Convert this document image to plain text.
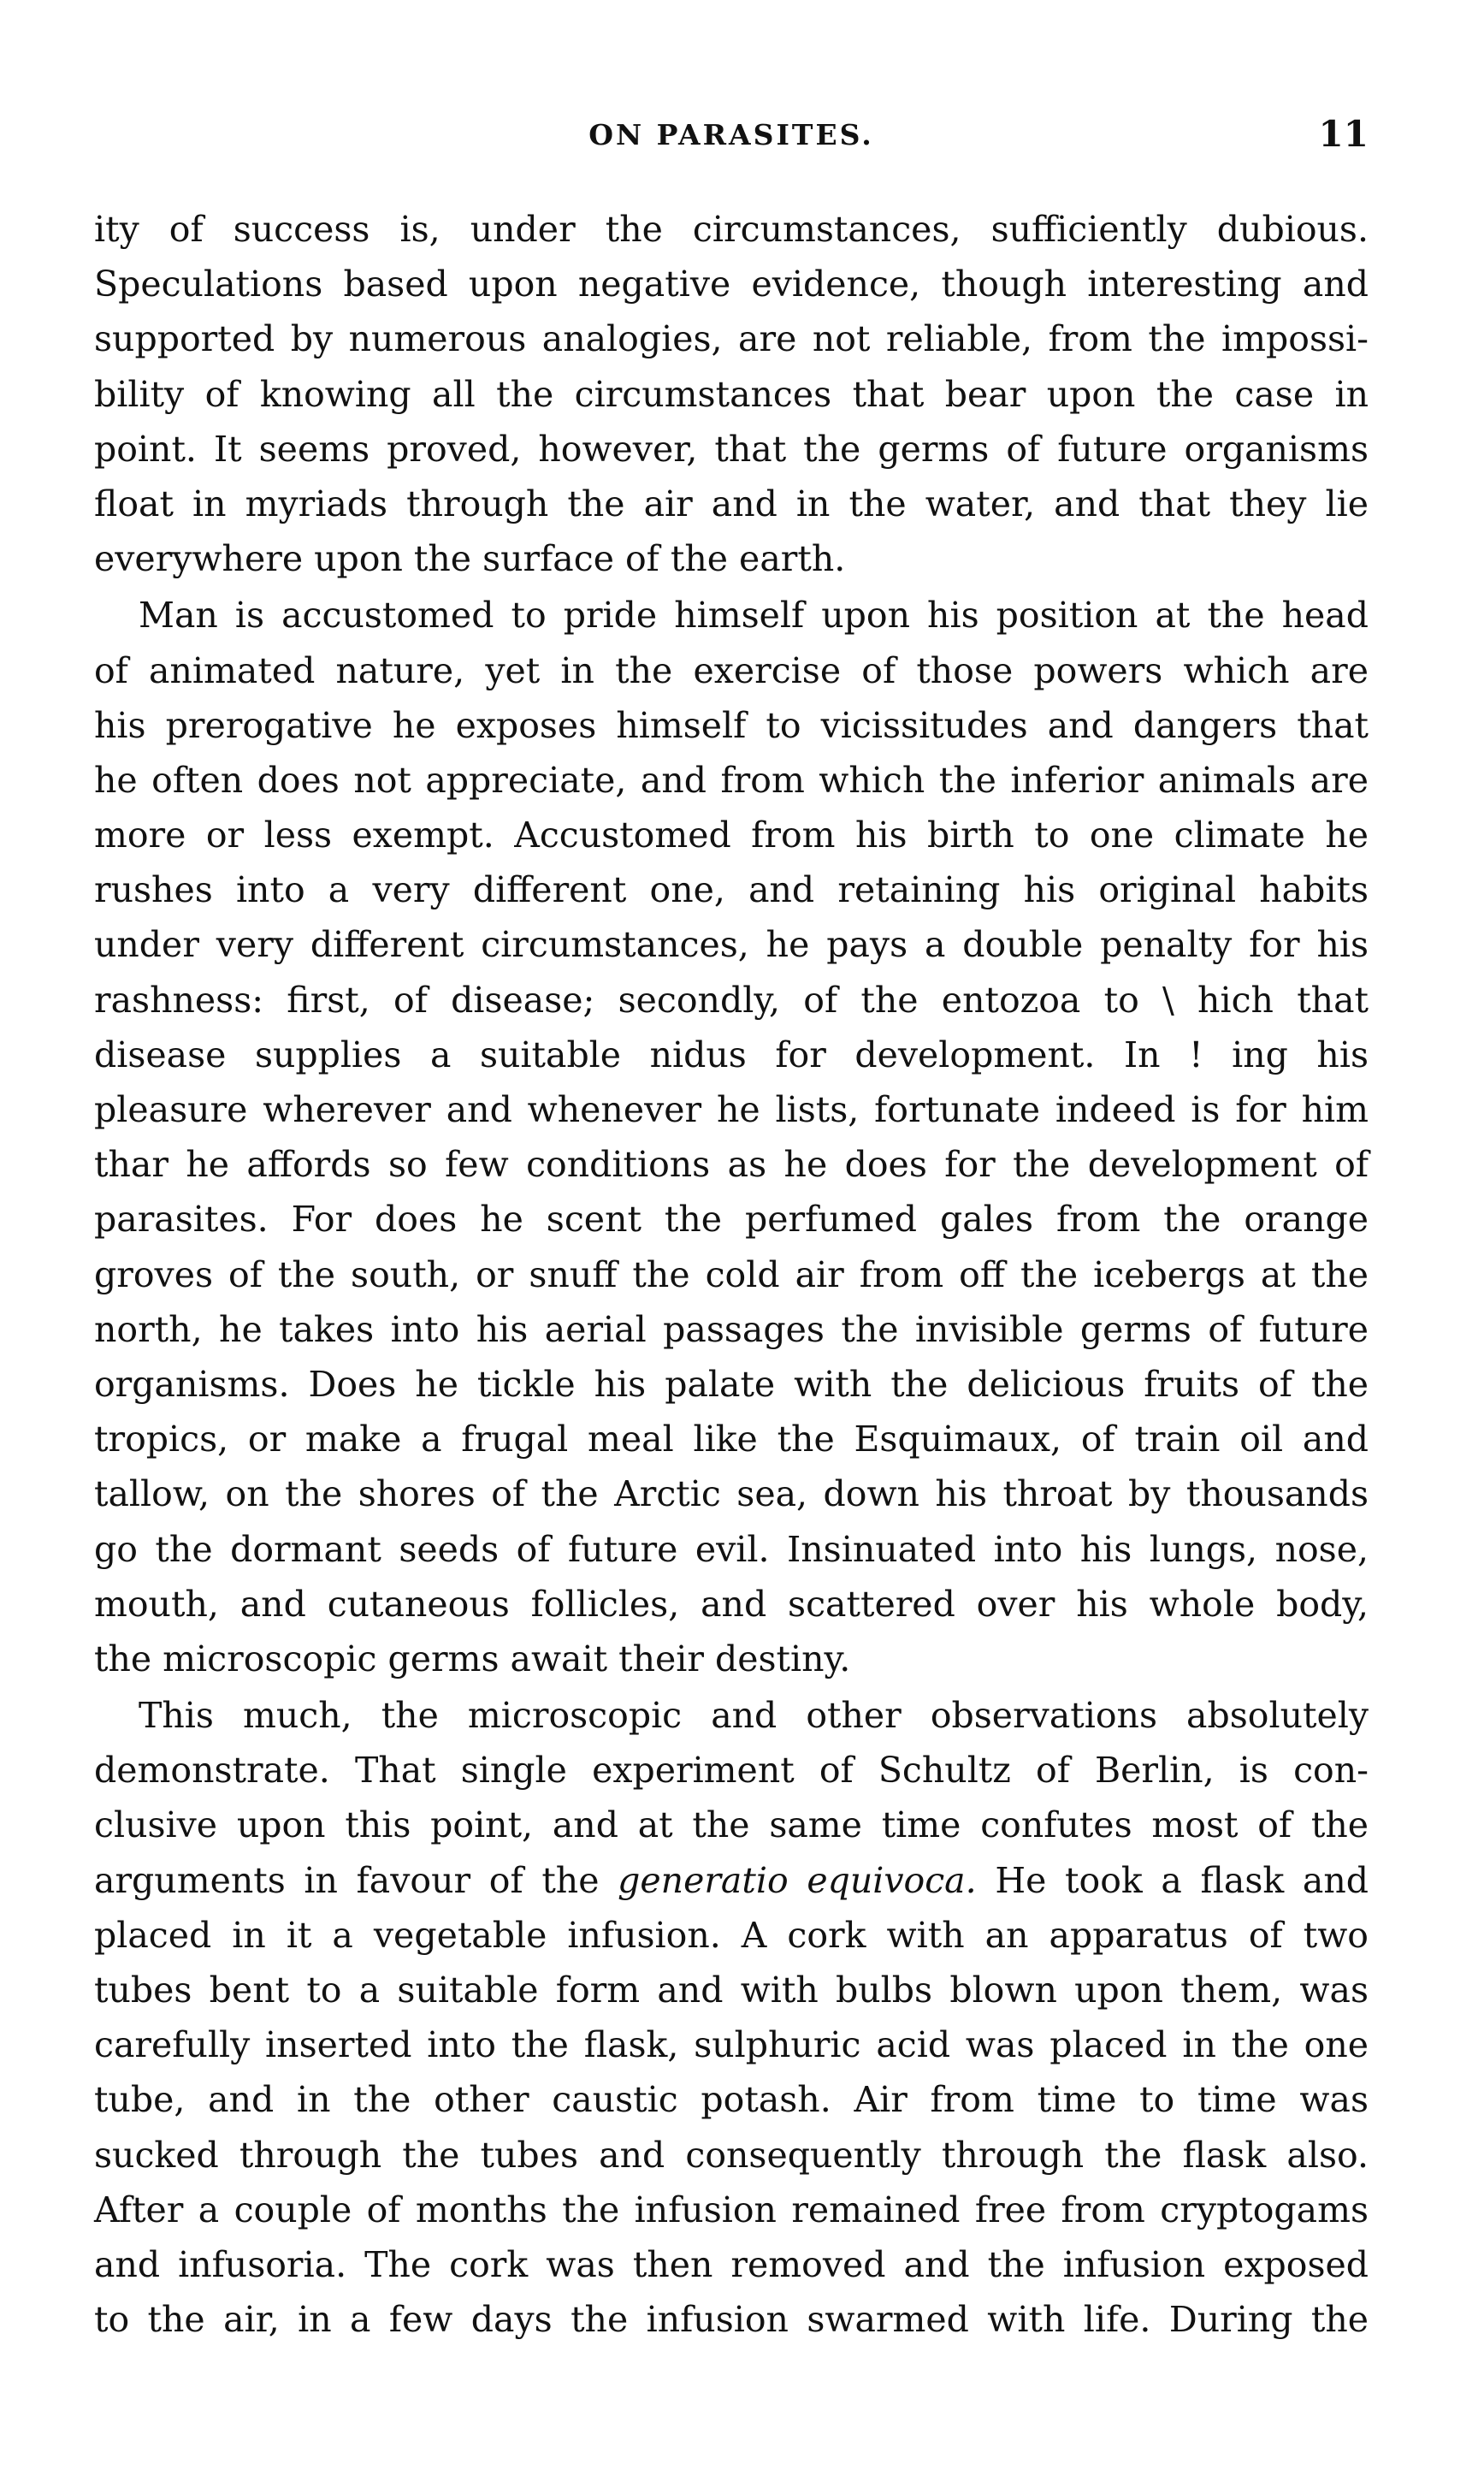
ON PARASITES.	11
ity of success is, under the circumstances, sufficiently dubious.
Speculations based upon negative evidence, though interesting and
supported by numerous analogies, are not reliable, from the impossi-
bility of knowing all the circumstances that bear upon the case in
point. It seems proved, however, that the germs of future organisms
float in myriads through the air and in the water, and that they lie
everywhere upon the surface of the earth.
Man is accustomed to pride himself upon his position at the head
of animated nature, yet in the exercise of those powers which are
his prerogative he exposes himself to vicissitudes and dangers that
he often does not appreciate, and from which the inferior animals are
more or less exempt. Accustomed from his birth to one climate he
rushes into a very different one, and retaining his original habits
under very different circumstances, he pays a double penalty for his
rashness: first, of disease; secondly, of the entozoa to \ hich that
disease supplies a suitable nidus for development. In ! ing his
pleasure wherever and whenever he lists, fortunate indeed is for him
thar he affords so few conditions as he does for the development of
parasites. For does he scent the perfumed gales from the orange
groves of the south, or snuff the cold air from off the icebergs at the
north, he takes into his aerial passages the invisible germs of future
organisms. Does he tickle his palate with the delicious fruits of the
tropics, or make a frugal meal like the Esquimaux, of train oil and
tallow, on the shores of the Arctic sea, down his throat by thousands
go the dormant seeds of future evil. Insinuated into his lungs, nose,
mouth, and cutaneous follicles, and scattered over his whole body,
the microscopic germs await their destiny.
This much, the microscopic and other observations absolutely
demonstrate. That single experiment of Schultz of Berlin, is con-
clusive upon this point, and at the same time confutes most of the
arguments in favour of the generatio equivoca. He took a flask and
placed in it a vegetable infusion. A cork with an apparatus of two
tubes bent to a suitable form and with bulbs blown upon them, was
carefully inserted into the flask, sulphuric acid was placed in the one
tube, and in the other caustic potash. Air from time to time was
sucked through the tubes and consequently through the flask also.
After a couple of months the infusion remained free from cryptogams
and infusoria. The cork was then removed and the infusion exposed
to the air, in a few days the infusion swarmed with life. During the
